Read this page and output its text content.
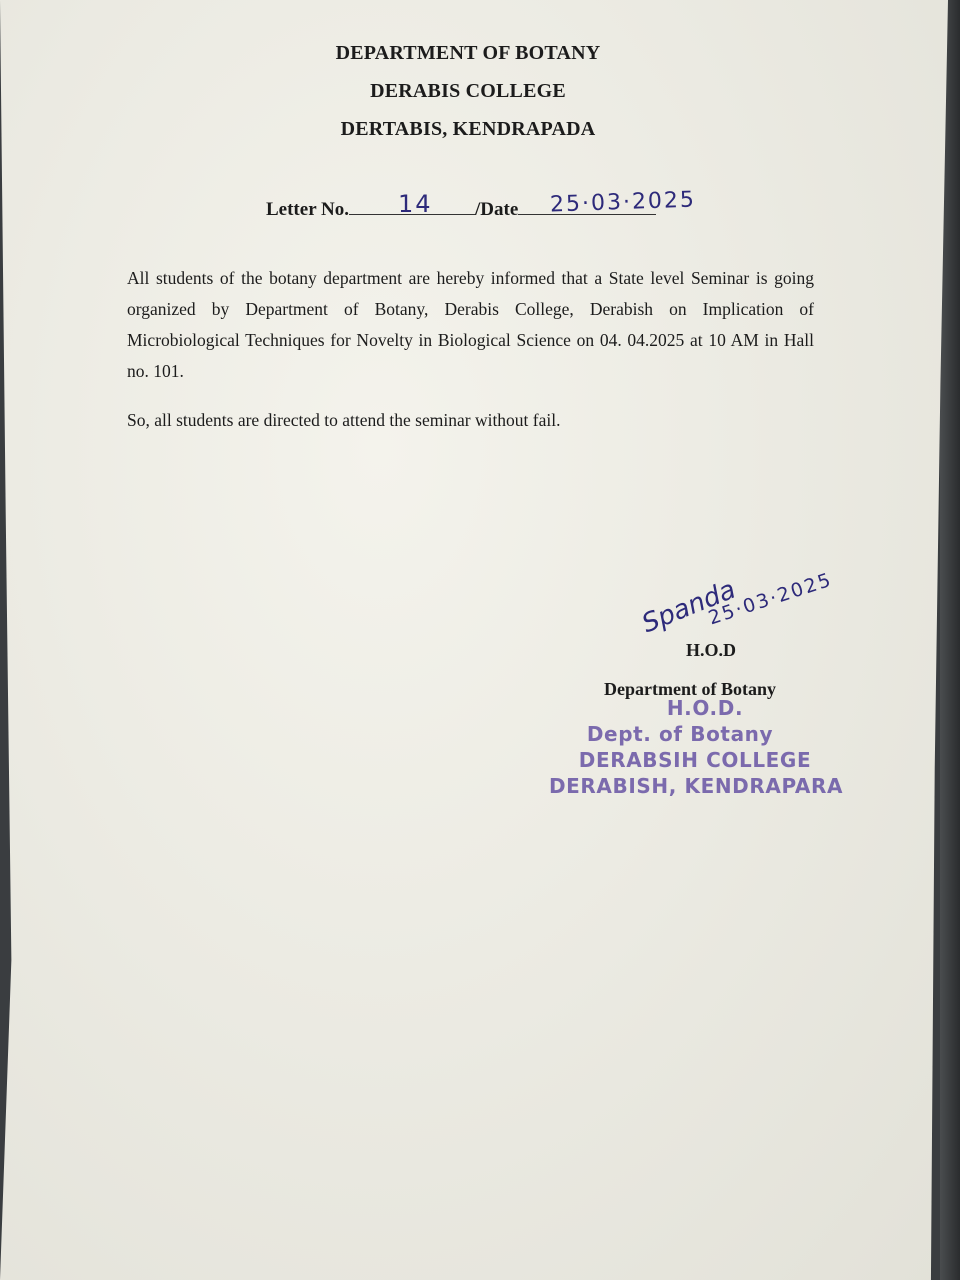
DEPARTMENT OF BOTANY
DERABIS COLLEGE
DERTABIS, KENDRAPADA
Letter No.	/Date
14	25·03·2025
All students of the botany department are hereby informed that a State level Seminar is going organized by Department of Botany, Derabis College, Derabish on Implication of Microbiological Techniques for Novelty in Biological Science on 04. 04.2025 at 10 AM in Hall no. 101.
So, all students are directed to attend the seminar without fail.
Spanda
25·03·2025
H.O.D
Department of Botany
H.O.D.
Dept. of Botany
DERABSIH COLLEGE
DERABISH, KENDRAPARA
